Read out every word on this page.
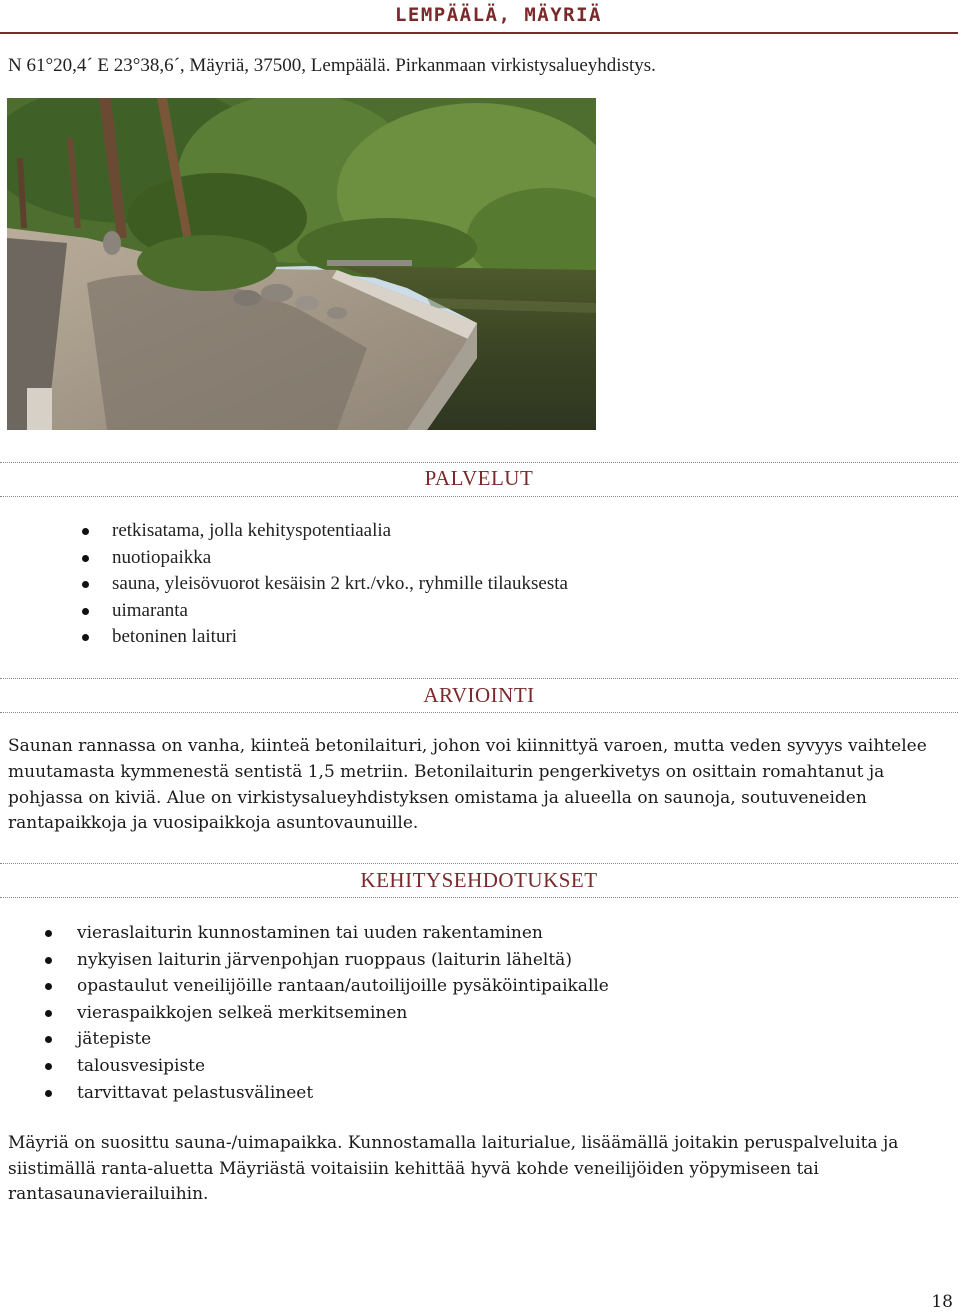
LEMPÄÄLÄ, MÄYRIÄ
N 61°20,4´ E 23°38,6´, Mäyriä, 37500, Lempäälä. Pirkanmaan virkistysalueyhdistys.
PALVELUT
retkisatama, jolla kehityspotentiaalia
nuotiopaikka
sauna, yleisövuorot kesäisin 2 krt./vko., ryhmille tilauksesta
uimaranta
betoninen laituri
ARVIOINTI

Saunan rannassa on vanha, kiinteä betonilaituri, johon voi kiinnittyä varoen, mutta veden syvyys vaihtelee muutamasta kymmenestä sentistä 1,5 metriin. Betonilaiturin pengerkivetys on osittain romahtanut ja pohjassa on kiviä. Alue on virkistysalueyhdistyksen omistama ja alueella on saunoja, soutuveneiden rantapaikkoja ja vuosipaikkoja asuntovaunuille.

KEHITYSEHDOTUKSET
vieraslaiturin kunnostaminen tai uuden rakentaminen
nykyisen laiturin järvenpohjan ruoppaus (laiturin läheltä)
opastaulut veneilijöille rantaan/autoilijoille pysäköintipaikalle
vieraspaikkojen selkeä merkitseminen
jätepiste
talousvesipiste
tarvittavat pelastusvälineet

Mäyriä on suosittu sauna-/uimapaikka. Kunnostamalla laiturialue, lisäämällä joitakin peruspalveluita ja siistimällä ranta-aluetta Mäyriästä voitaisiin kehittää hyvä kohde veneilijöiden yöpymiseen tai rantasaunavierailuihin.

18
